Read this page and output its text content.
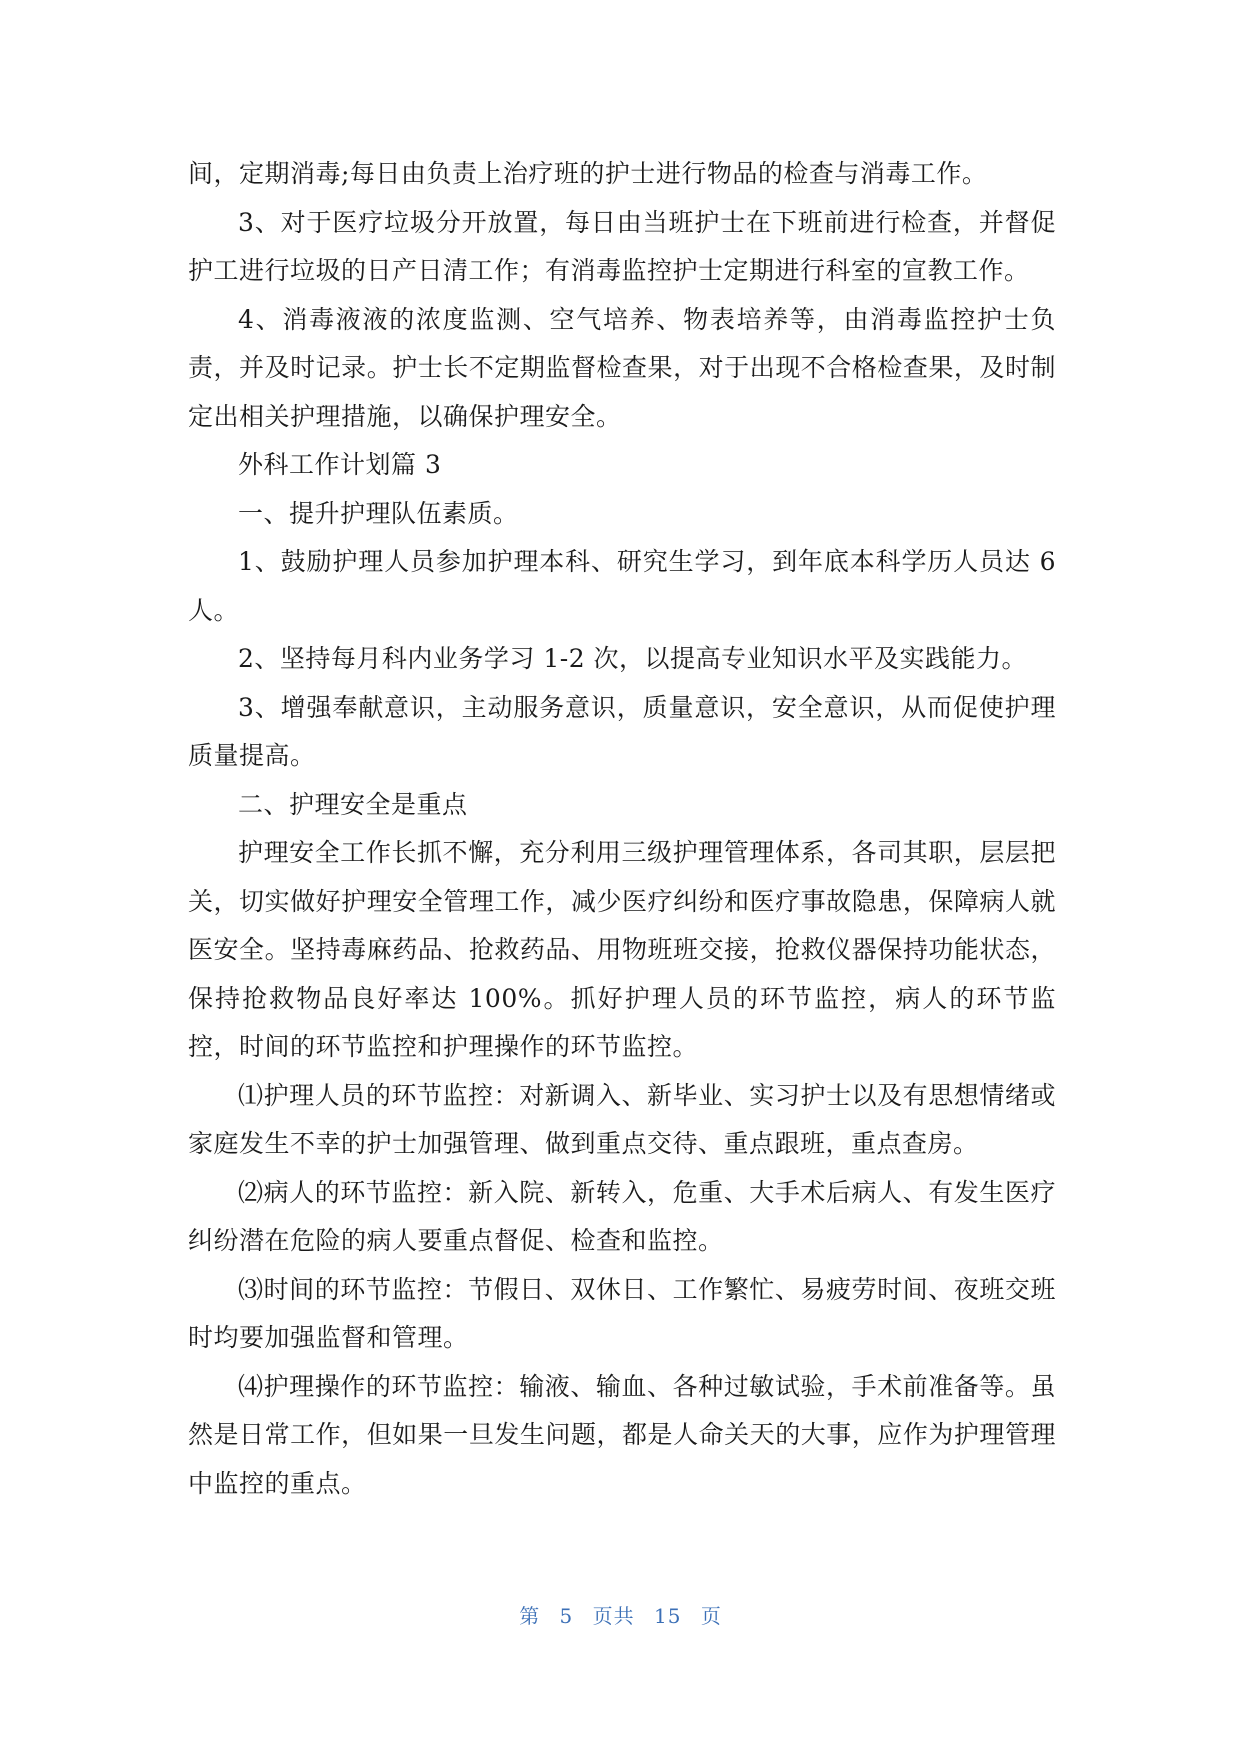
间，定期消毒;每日由负责上治疗班的护士进行物品的检查与消毒工作。

3、对于医疗垃圾分开放置，每日由当班护士在下班前进行检查，并督促护工进行垃圾的日产日清工作；有消毒监控护士定期进行科室的宣教工作。

4、消毒液液的浓度监测、空气培养、物表培养等，由消毒监控护士负责，并及时记录。护士长不定期监督检查果，对于出现不合格检查果，及时制定出相关护理措施，以确保护理安全。

外科工作计划篇 3

一、提升护理队伍素质。

1、鼓励护理人员参加护理本科、研究生学习，到年底本科学历人员达 6 人。

2、坚持每月科内业务学习 1-2 次，以提高专业知识水平及实践能力。

3、增强奉献意识，主动服务意识，质量意识，安全意识，从而促使护理质量提高。

二、护理安全是重点

护理安全工作长抓不懈，充分利用三级护理管理体系，各司其职，层层把关，切实做好护理安全管理工作，减少医疗纠纷和医疗事故隐患，保障病人就医安全。坚持毒麻药品、抢救药品、用物班班交接，抢救仪器保持功能状态，保持抢救物品良好率达 100%。抓好护理人员的环节监控，病人的环节监控，时间的环节监控和护理操作的环节监控。

⑴护理人员的环节监控：对新调入、新毕业、实习护士以及有思想情绪或家庭发生不幸的护士加强管理、做到重点交待、重点跟班，重点查房。

⑵病人的环节监控：新入院、新转入，危重、大手术后病人、有发生医疗纠纷潜在危险的病人要重点督促、检查和监控。

⑶时间的环节监控：节假日、双休日、工作繁忙、易疲劳时间、夜班交班时均要加强监督和管理。

⑷护理操作的环节监控：输液、输血、各种过敏试验，手术前准备等。虽然是日常工作，但如果一旦发生问题，都是人命关天的大事，应作为护理管理中监控的重点。

第 5 页共 15 页
